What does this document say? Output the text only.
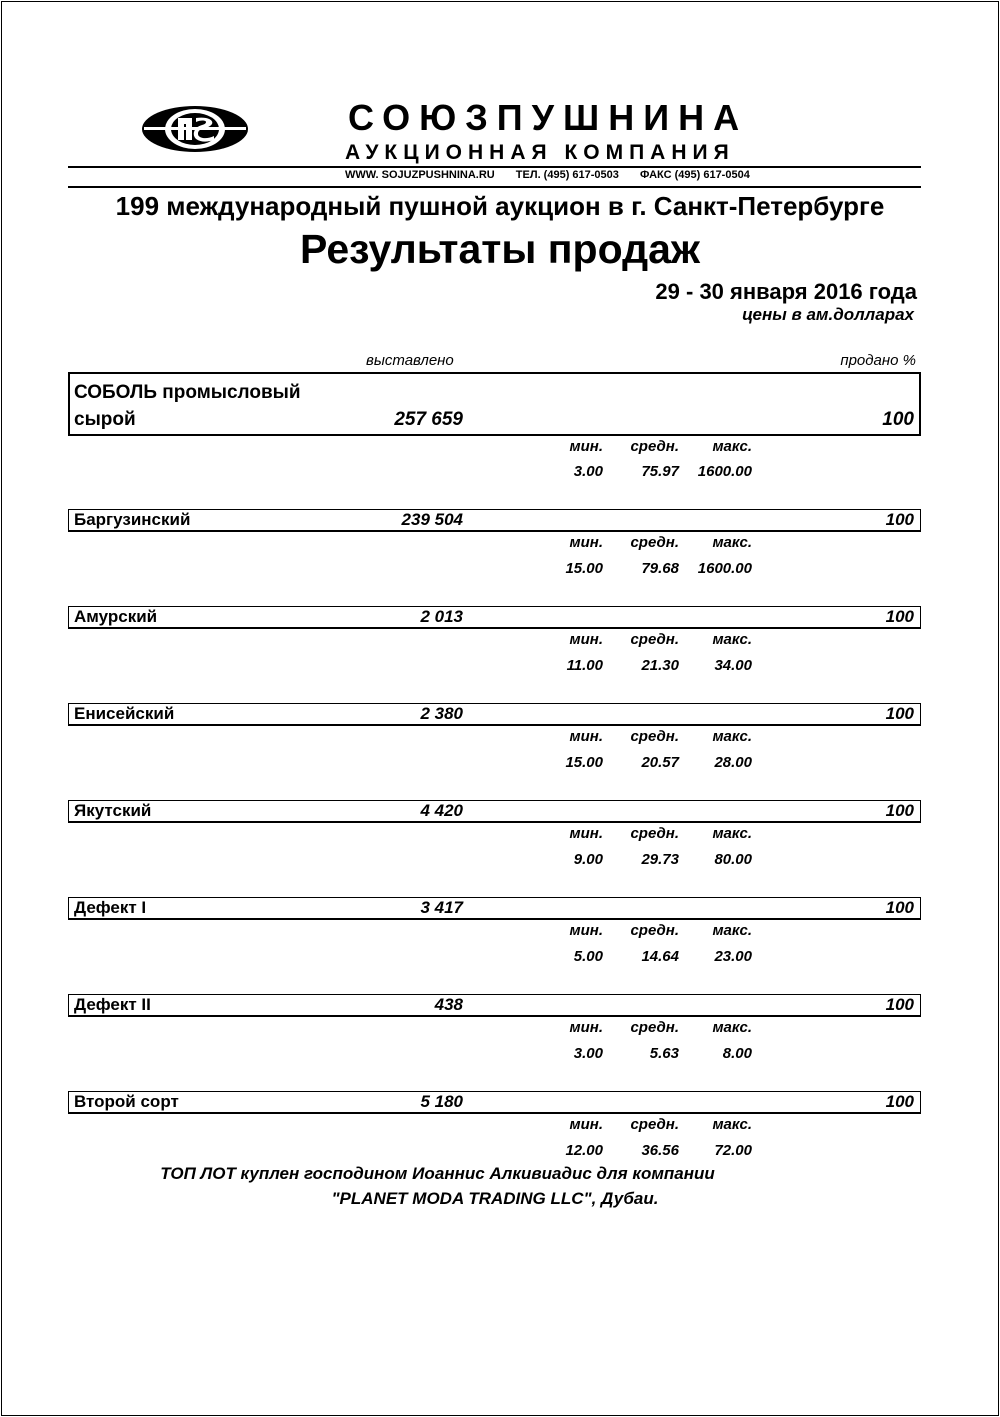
СОЮЗПУШНИНА
АУКЦИОННАЯ КОМПАНИЯ
WWW. SOJUZPUSHNINA.RU ТЕЛ. (495) 617-0503 ФАКС (495) 617-0504
199 международный пушной аукцион в г. Санкт-Петербурге
Результаты продаж
29 - 30 января 2016 года
цены в ам.долларах
выставлено	продано %
СОБОЛЬ промысловый
сырой	257 659	100
мин.	средн.	макс.
3.00	75.97	1600.00
Баргузинский	239 504	100
мин.	средн.	макс.
15.00	79.68	1600.00
Амурский	2 013	100
мин.	средн.	макс.
11.00	21.30	34.00
Енисейский	2 380	100
мин.	средн.	макс.
15.00	20.57	28.00
Якутский	4 420	100
мин.	средн.	макс.
9.00	29.73	80.00
Дефект I	3 417	100
мин.	средн.	макс.
5.00	14.64	23.00
Дефект II	438	100
мин.	средн.	макс.
3.00	5.63	8.00
Второй сорт	5 180	100
мин.	средн.	макс.
12.00	36.56	72.00
ТОП ЛОТ куплен господином Иоаннис Алкивиадис для компании
"PLANET MODA TRADING LLC", Дубаи.
